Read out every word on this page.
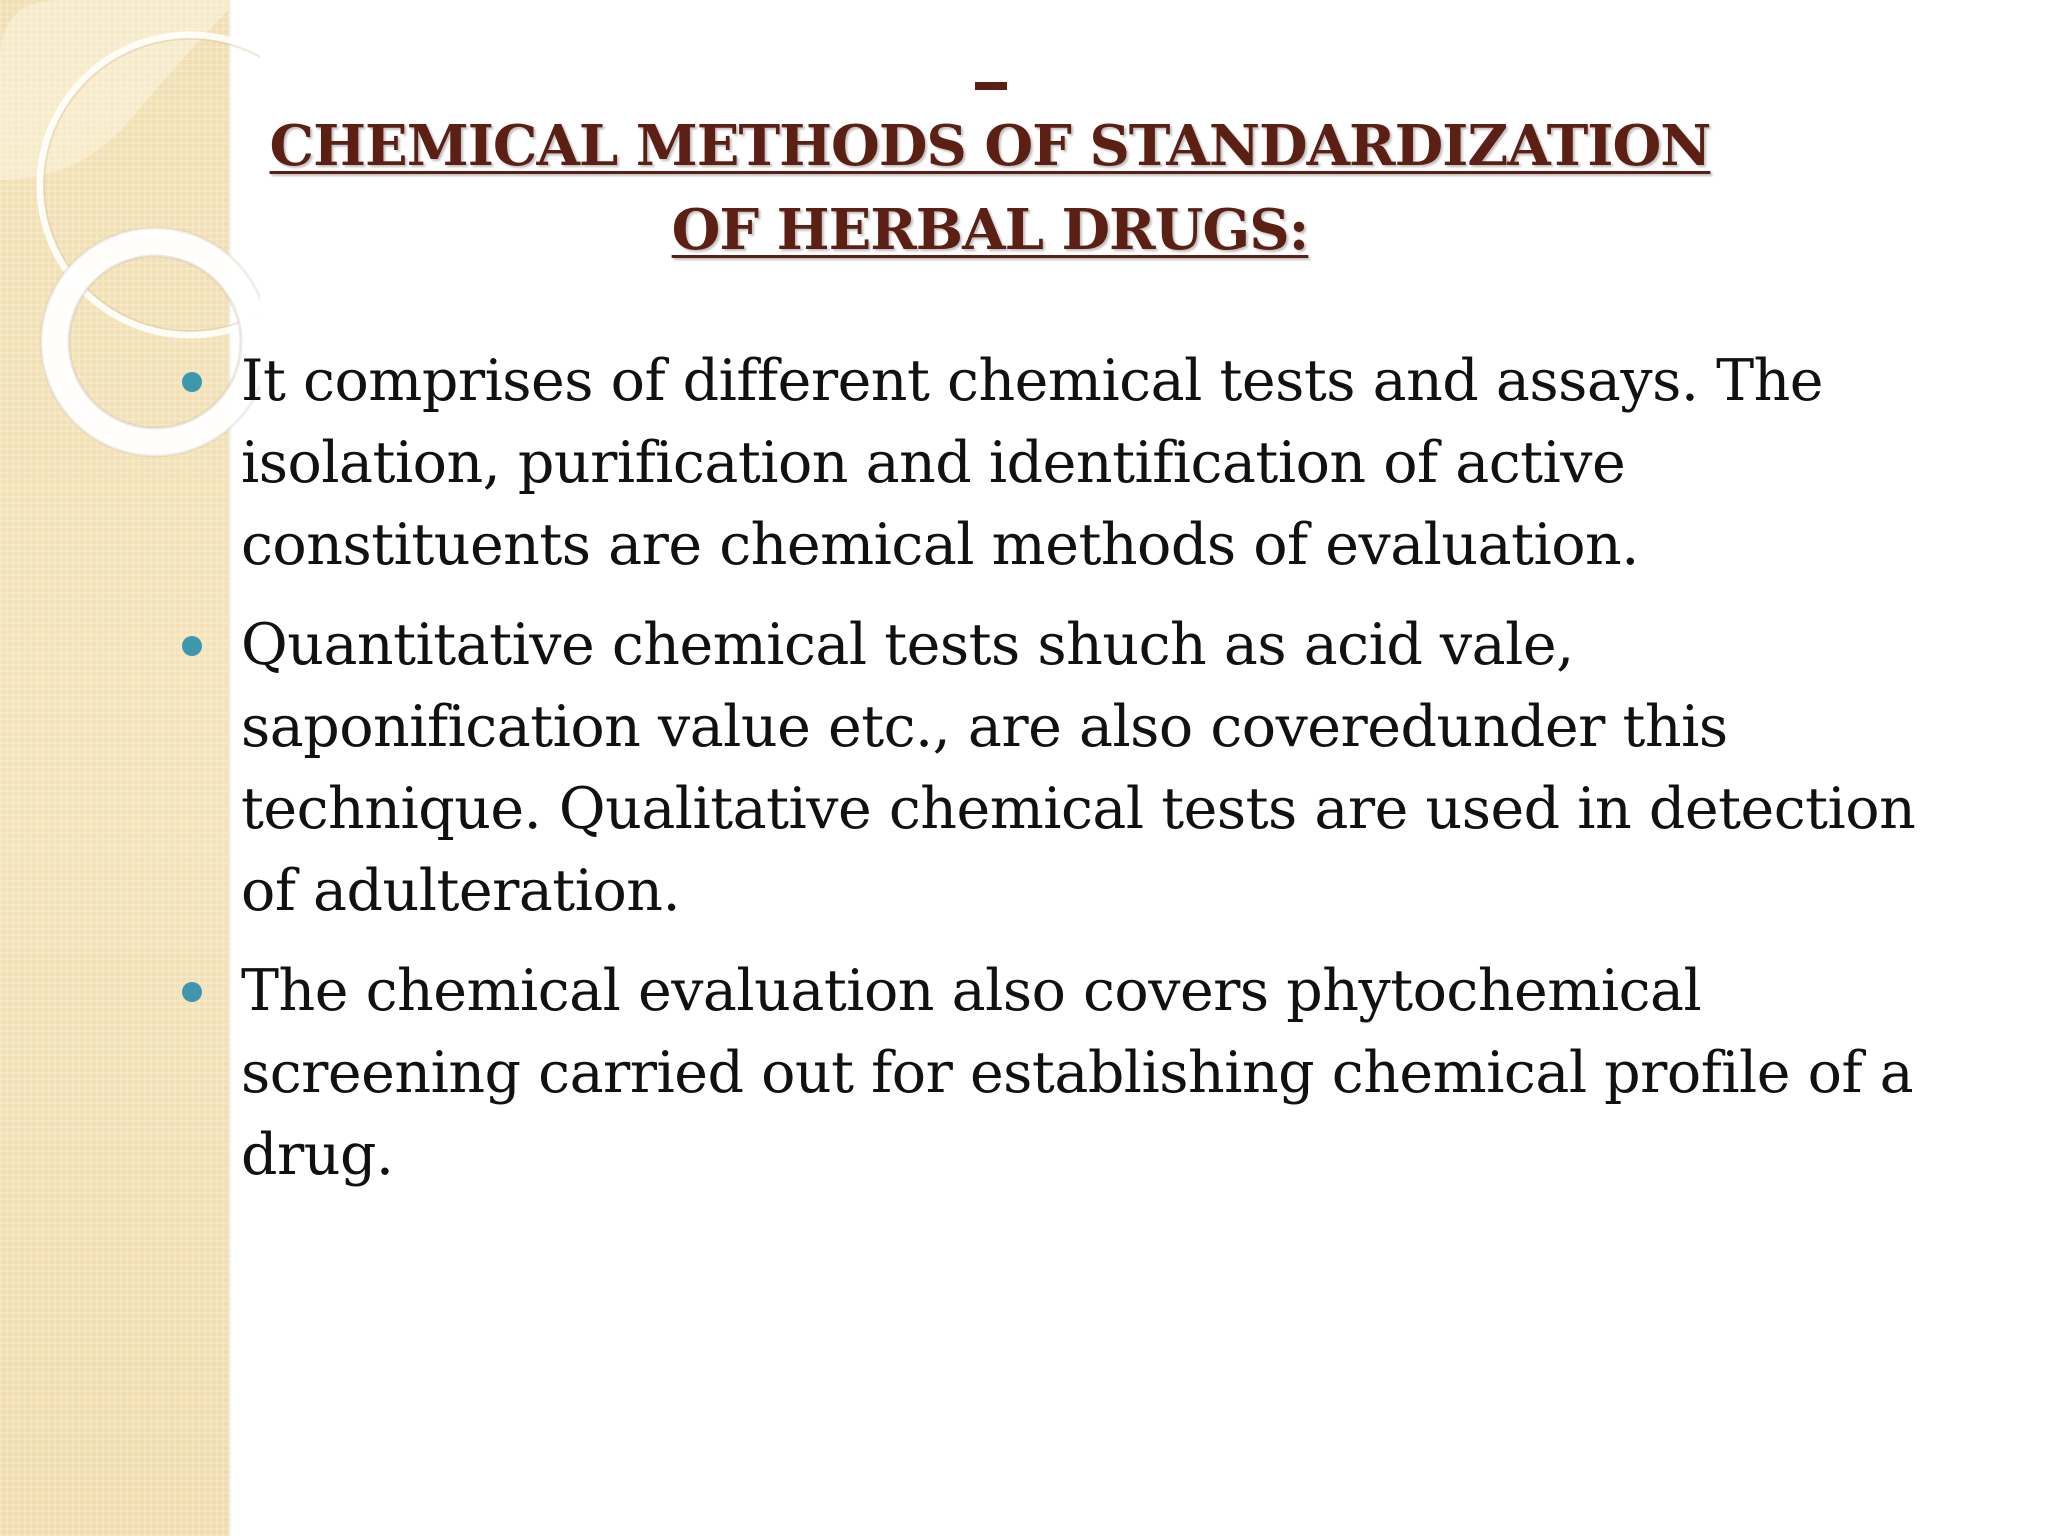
CHEMICAL METHODS OF STANDARDIZATION OF HERBAL DRUGS:
It comprises of different chemical tests and assays. The isolation, purification and identification of active constituents are chemical methods of evaluation.
Quantitative chemical tests shuch as acid vale, saponification value etc., are also coveredunder this technique. Qualitative chemical tests are used in detection of adulteration.
The chemical evaluation also covers phytochemical screening carried out for establishing chemical profile of a drug.
